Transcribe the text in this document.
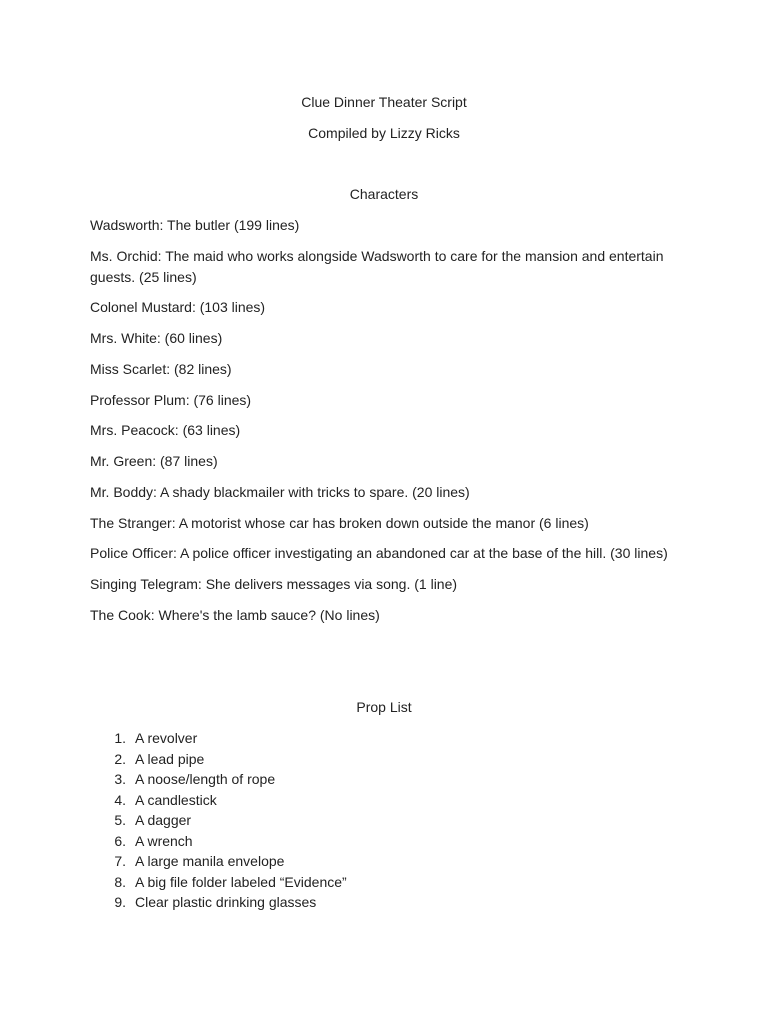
Clue Dinner Theater Script
Compiled by Lizzy Ricks
Characters
Wadsworth: The butler (199 lines)
Ms. Orchid: The maid who works alongside Wadsworth to care for the mansion and entertain guests. (25 lines)
Colonel Mustard: (103 lines)
Mrs. White: (60 lines)
Miss Scarlet: (82 lines)
Professor Plum: (76 lines)
Mrs. Peacock: (63 lines)
Mr. Green: (87 lines)
Mr. Boddy: A shady blackmailer with tricks to spare. (20 lines)
The Stranger: A motorist whose car has broken down outside the manor (6 lines)
Police Officer: A police officer investigating an abandoned car at the base of the hill. (30 lines)
Singing Telegram: She delivers messages via song. (1 line)
The Cook: Where's the lamb sauce? (No lines)
Prop List
1. A revolver
2. A lead pipe
3. A noose/length of rope
4. A candlestick
5. A dagger
6. A wrench
7. A large manila envelope
8. A big file folder labeled “Evidence”
9. Clear plastic drinking glasses
